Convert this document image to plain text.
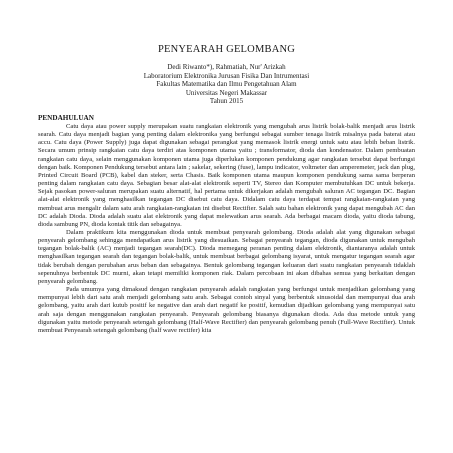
PENYEARAH GELOMBANG
Dedi Riwanto*), Rahmatiah, Nur' Arizkah
Laboratorium Elektronika Jurusan Fisika Dan Intrumentasi
Fakultas Matematika dan Ilmu Pengetahuan Alam
Universitas Negeri Makassar
Tahun 2015
PENDAHULUAN

Catu daya atau power supply merupakan suatu rangkaian elektronik yang mengubah arus listrik bolak-balik menjadi arus listrik searah. Catu daya menjadi bagian yang penting dalam elektronika yang berfungsi sebagai sumber tenaga listrik misalnya pada baterai atau accu. Catu daya (Power Supply) juga dapat digunakan sebagai perangkat yang memasok listrik energi untuk satu atau lebih beban listrik. Secara umum prinsip rangkaian catu daya terdiri atas komponen utama yaitu ; transformator, dioda dan kondensator. Dalam pembuatan rangkaian catu daya, selain menggunakan komponen utama juga diperlukan komponen pendukung agar rangkaian tersebut dapat berfungsi dengan baik. Komponen Pendukung tersebut antara lain ; sakelar, sekering (fuse), lampu indicator, voltmeter dan amperemeter, jack dan plug, Printed Circuit Board (PCB), kabel dan steker, serta Chasis. Baik komponen utama maupun komponen pendukung sama sama berperan penting dalam rangkaian catu daya. Sebagian besar alat-alat elektronik seperti TV, Stereo dan Komputer membutuhkan DC untuk bekerja. Sejak pasokan power-saluran merupakan suatu alternatif, hal pertama untuk dikerjakan adalah mengubah saluran AC tegangan DC. Bagian alat-alat elektronik yang menghasilkan tegangan DC disebut catu daya. Didalam catu daya terdapat tempat rangkaian-rangkaian yang membuat arus mengalir dalam satu arah rangkaian-rangkaian ini disebut Rectifier. Salah satu bahan elektronik yang dapat mengubah AC dan DC adalah Dioda. Dioda adalah suatu alat elektronik yang dapat melewatkan arus searah. Ada berbagai macam dioda, yaitu dioda tabung, dioda sambung PN, dioda kontak titik dan sebagainya.

Dalam praktikum kita menggunakan dioda untuk membuat penyearah gelombang. Dioda adalah alat yang digunakan sebagai penyearah gelombang sehingga mendapatkan arus listrik yang diesuaikan. Sebagai penyearah tegangan, dioda digunakan untuk mengubah tegangan bolak-balik (AC) menjadi tegangan searah(DC). Dioda memegang peranan penting dalam elektronik, diantaranya adalah untuk menghasilkan tegangan searah dan tegangan bolak-balik, untuk membuat berbagai gelombang isyarat, untuk mengatur tegangan searah agar tidak berubah dengan perubahan arus beban dan sebagainya. Bentuk gelombang tegangan keluaran dari suatu rangkaian penyearah tidaklah sepenuhnya berbentuk DC murni, akan tetapi memiliki komponen riak. Dalam percobaan ini akan dibahas semua yang berkaitan dengan penyearah gelombang.

Pada umumya yang dimaksud dengan rangkaian penyearah adalah rangkaian yang berfungsi untuk menjadikan gelombang yang mempunyai lebih dari satu arah menjadi gelombang satu arah. Sebagai contoh sinyal yang berbentuk sinusoidal dan mempunyai dua arah gelombang, yaitu arah dari kutub positif ke negative dan arah dari negatif ke positif, kemudian dijadikan gelombang yang mempunyai satu arah saja dengan menggunakan rangkaian penyearah. Penyearah gelombang biasanya digunakan dioda. Ada dua metode untuk yang digunakan yaitu metode penyearah setengah gelombang (Half-Wave Rectifier) dan penyearah gelombang penuh (Full-Wave Rectifier). Untuk membuat Penyearah setengah gelombang (half wave rectifer) kita
